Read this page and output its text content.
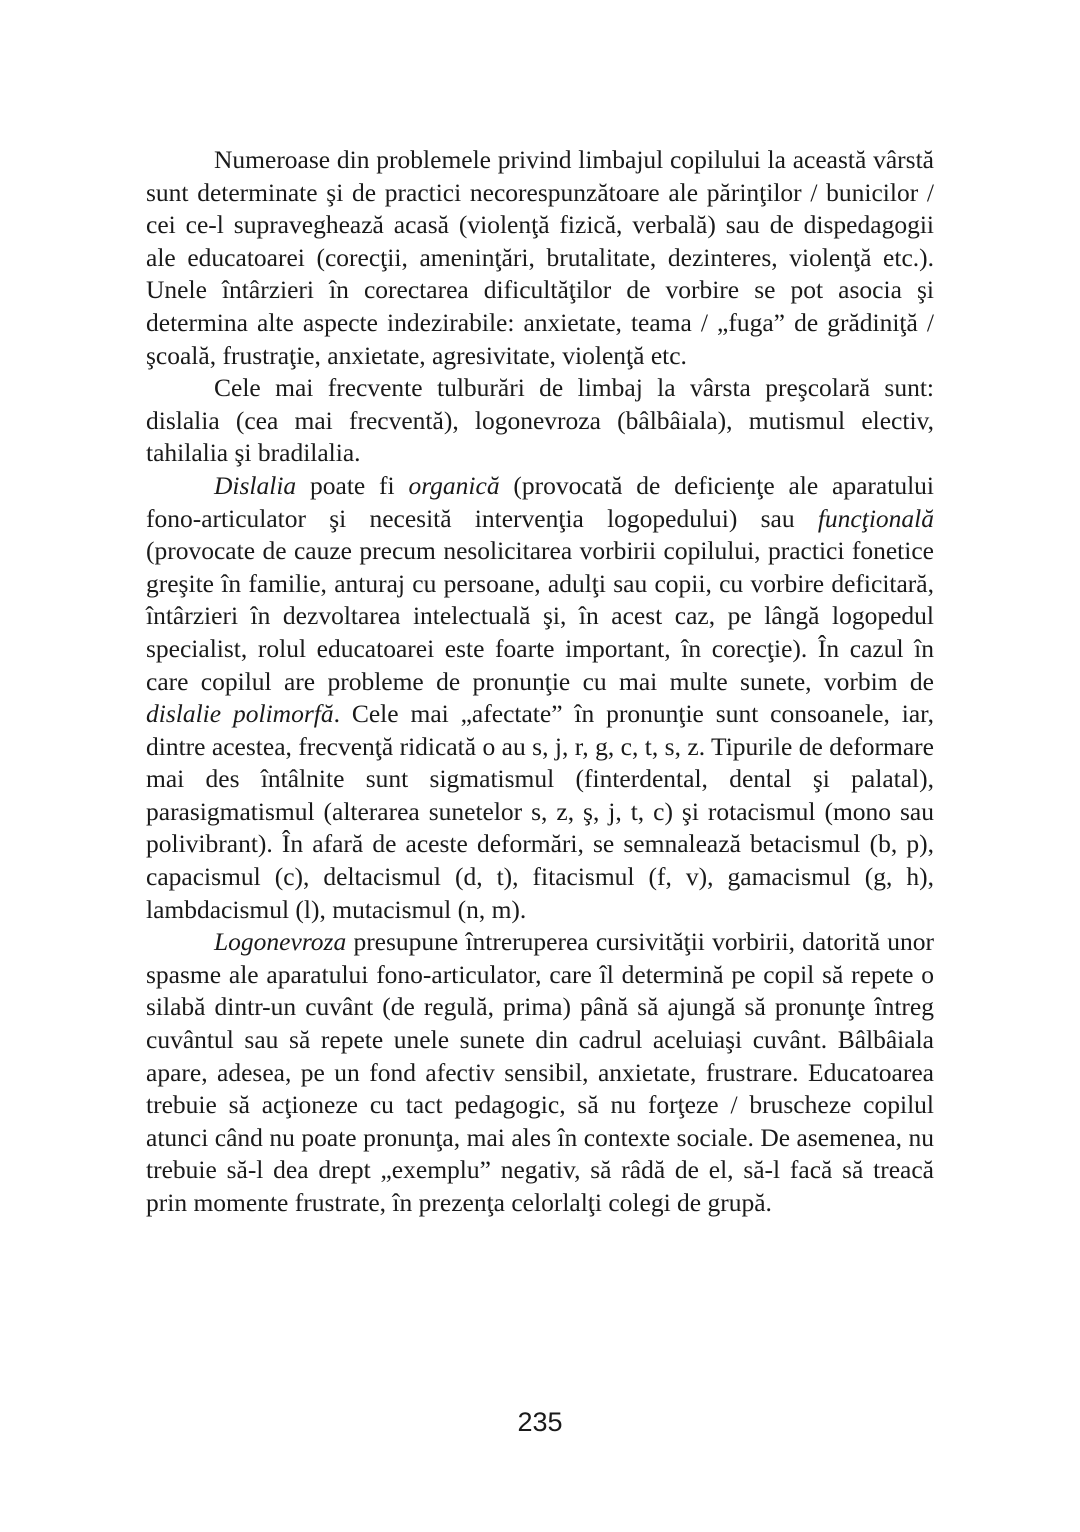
Numeroase din problemele privind limbajul copilului la această vârstă sunt determinate şi de practici necorespunzătoare ale părinţilor / bunicilor / cei ce-l supraveghează acasă (violenţă fizică, verbală) sau de dispedagogii ale educatoarei (corecţii, ameninţări, brutalitate, dezinteres, violenţă etc.). Unele întârzieri în corectarea dificultăţilor de vorbire se pot asocia şi determina alte aspecte indezirabile: anxietate, teama / „fuga” de grădiniţă / şcoală, frustraţie, anxietate, agresivitate, violenţă etc.

Cele mai frecvente tulburări de limbaj la vârsta preşcolară sunt: dislalia (cea mai frecventă), logonevroza (bâlbâiala), mutismul electiv, tahilalia şi bradilalia.

Dislalia poate fi organică (provocată de deficienţe ale aparatului fono-articulator şi necesită intervenţia logopedului) sau funcţională (provocate de cauze precum nesolicitarea vorbirii copilului, practici fonetice greşite în familie, anturaj cu persoane, adulţi sau copii, cu vorbire deficitară, întârzieri în dezvoltarea intelectuală şi, în acest caz, pe lângă logopedul specialist, rolul educatoarei este foarte important, în corecţie). În cazul în care copilul are probleme de pronunţie cu mai multe sunete, vorbim de dislalie polimorfă. Cele mai „afectate” în pronunţie sunt consoanele, iar, dintre acestea, frecvenţă ridicată o au s, j, r, g, c, t, s, z. Tipurile de deformare mai des întâlnite sunt sigmatismul (finterdental, dental şi palatal), parasigmatismul (alterarea sunetelor s, z, ş, j, t, c) şi rotacismul (mono sau polivibrant). În afară de aceste deformări, se semnalează betacismul (b, p), capacismul (c), deltacismul (d, t), fitacismul (f, v), gamacismul (g, h), lambdacismul (l), mutacismul (n, m).

Logonevroza presupune întreruperea cursivităţii vorbirii, datorită unor spasme ale aparatului fono-articulator, care îl determină pe copil să repete o silabă dintr-un cuvânt (de regulă, prima) până să ajungă să pronunţe întreg cuvântul sau să repete unele sunete din cadrul aceluiaşi cuvânt. Bâlbâiala apare, adesea, pe un fond afectiv sensibil, anxietate, frustrare. Educatoarea trebuie să acţioneze cu tact pedagogic, să nu forţeze / bruscheze copilul atunci când nu poate pronunţa, mai ales în contexte sociale. De asemenea, nu trebuie să-l dea drept „exemplu” negativ, să râdă de el, să-l facă să treacă prin momente frustrate, în prezenţa celorlalţi colegi de grupă.

235
